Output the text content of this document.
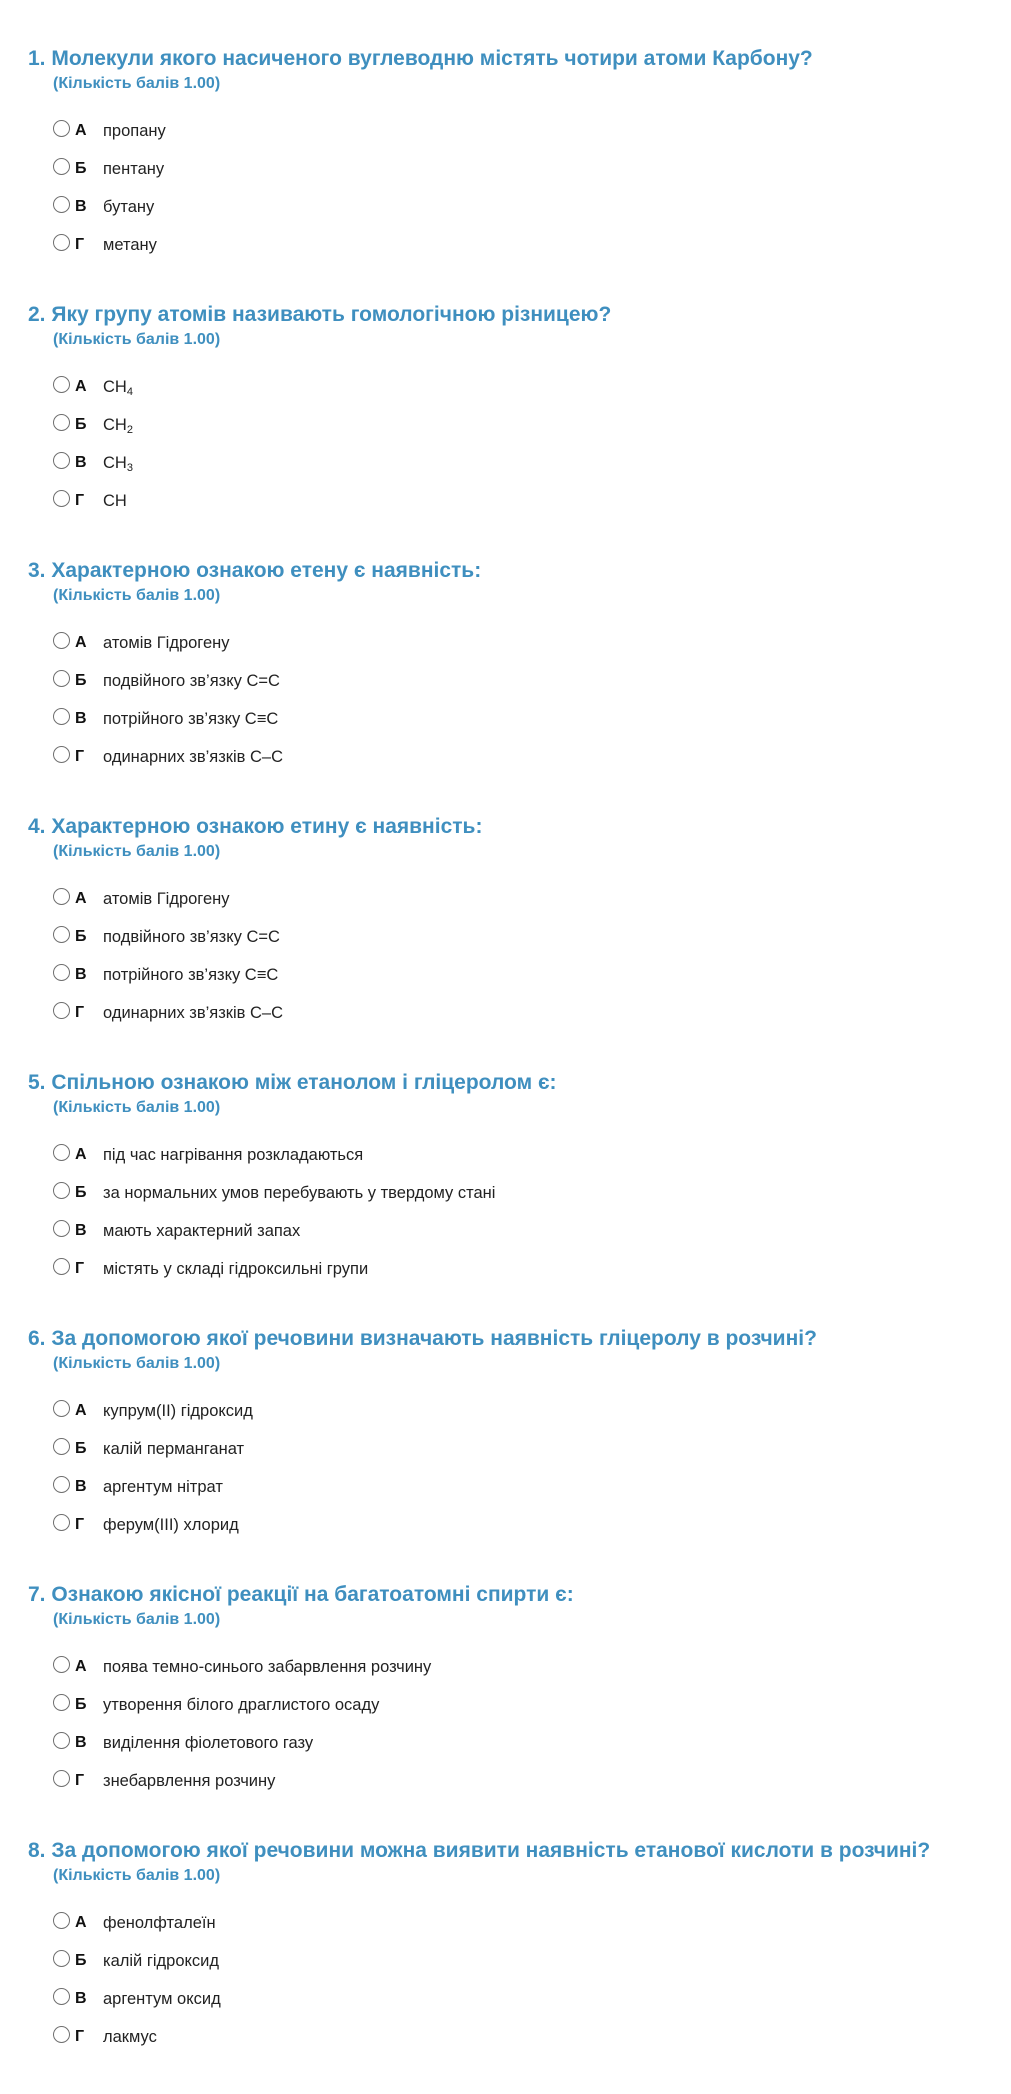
1. Молекули якого насиченого вуглеводню містять чотири атоми Карбону?
(Кількість балів 1.00)
А пропану
Б	пентану
В бутану
Г	метану
2. Яку групу атомів називають гомологічною різницею?
(Кількість балів 1.00)
А $CH_4$
Б	$CH_2$
В $CH_3$
Г	CH
3. Характерною ознакою етену є наявність:
(Кількість балів 1.00)
А атомів Гідрогену
Б	подвійного зв’язку С=С
В потрійного зв’язку С≡С
Г	одинарних зв’язків С–С
4. Характерною ознакою етину є наявність:
(Кількість балів 1.00)
А атомів Гідрогену
Б	подвійного зв’язку С=С
В потрійного зв’язку С≡С
Г	одинарних зв’язків С–С
5. Спільною ознакою між етанолом і гліцеролом є:
(Кількість балів 1.00)
А під час нагрівання розкладаються
Б	за нормальних умов перебувають у твердому стані
В мають характерний запах
Г	містять у складі гідроксильні групи
6. За допомогою якої речовини визначають наявність гліцеролу в розчині?
(Кількість балів 1.00)
А купрум(ІІ) гідроксид
Б	калій перманганат
В аргентум нітрат
Г	ферум(ІІІ) хлорид
7. Ознакою якісної реакції на багатоатомні спирти є:
(Кількість балів 1.00)
А поява темно-синього забарвлення розчину
Б	утворення білого драглистого осаду
В виділення фіолетового газу
Г	знебарвлення розчину
8. За допомогою якої речовини можна виявити наявність етанової кислоти в розчині?
(Кількість балів 1.00)
А фенолфталеїн
Б	калій гідроксид
В аргентум оксид
Г	лакмус
